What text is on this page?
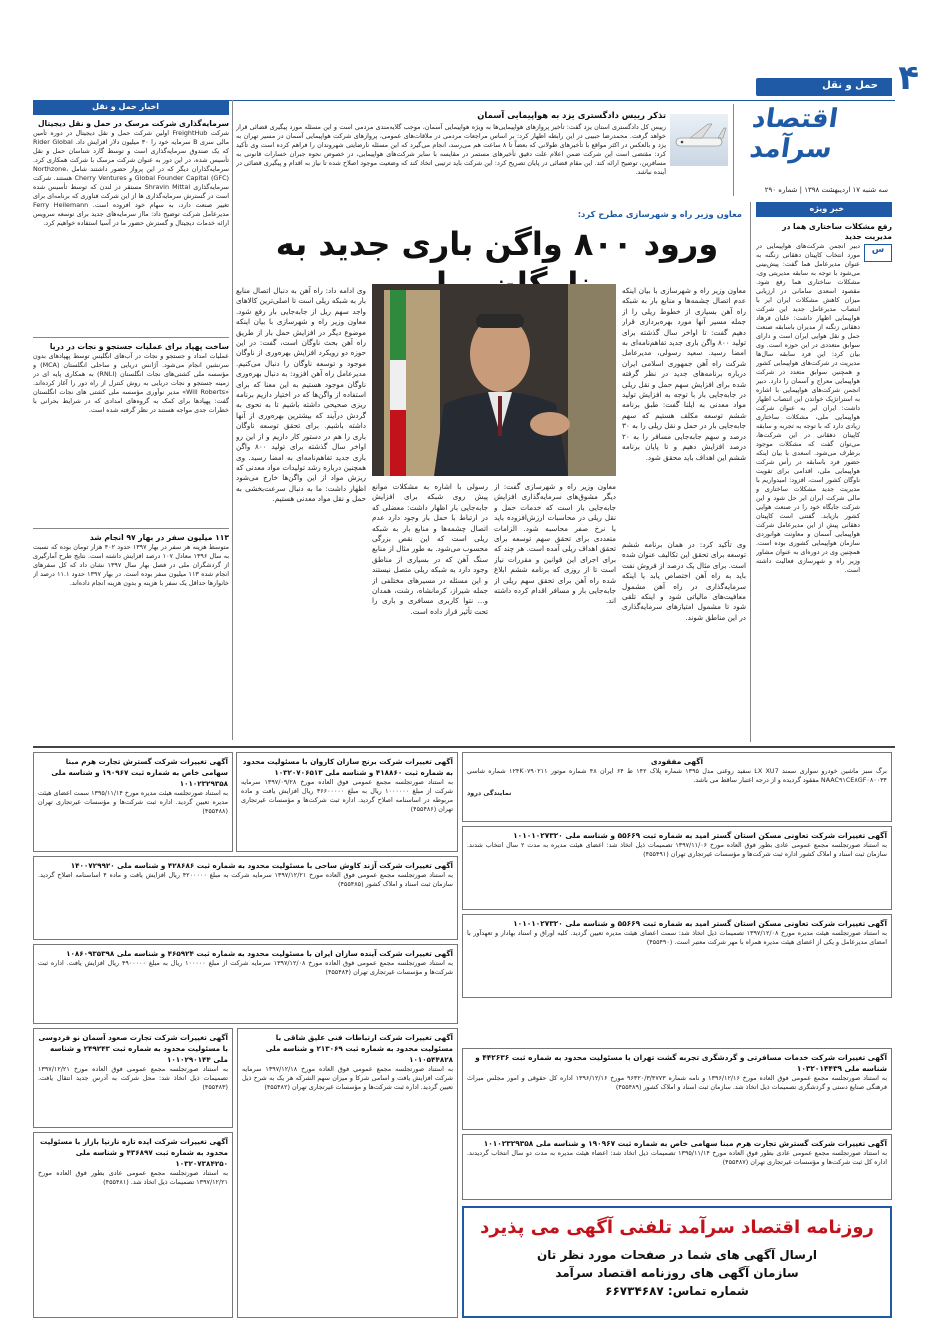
حمل و نقل ۴
اقتصاد سرآمد
سه شنبه ۱۷ اردیبهشت ۱۳۹۸ | شماره ۲۹۰
تذکر رییس دادگستری یزد به هواپیمایی آسمان
رییس کل دادگستری استان یزد گفت: تأخیر پروازهای هواپیمایی‌ها به ویژه هواپیمایی آسمان، موجب گلایه‌مندی مردمی است و این مسئله مورد پیگیری قضائی قرار خواهد گرفت. محمدرضا حبیبی در این رابطه اظهار کرد: بر اساس مراجعات مردمی در ملاقات‌های عمومی، پروازهای شرکت هواپیمایی آسمان در مسیر تهران به یزد و بالعکس در اکثر مواقع با تأخیرهای طولانی که بعضاً تا ۸ ساعت هم می‌رسد، انجام می‌گیرد که این مسئله نارضایتی شهروندان را فراهم کرده است وی تأکید کرد: مقتضی است این شرکت ضمن اعلام علت دقیق تأخیرهای مستمر در مقایسه با سایر شرکت‌های هواپیمایی، در خصوص نحوه جبران خسارات قانونی به مسافرین، توضیح ارائه کند. این مقام قضائی در پایان تصریح کرد: این شرکت باید ترتیبی اتخاذ کند که وضعیت موجود اصلاح شده تا نیاز به اقدام و پیگیری قضائی در آینده نباشد.
خبر ویژه
رفع مشکلات ساختاری هما در مدیریت جدید
س
دبیر انجمن شرکت‌های هواپیمایی در مورد انتخاب کاپیتان دهقانی زنگنه به عنوان مدیرعامل هما گفت: پیش‌بینی می‌شود با توجه به سابقه مدیریتی وی، مشکلات ساختاری هما رفع شود. مقصود اسعدی سامانی در ارزیابی میزان کاهش مشکلات ایران ایر با انتصاب مدیرعامل جدید این شرکت هواپیمایی اظهار داشت: خلبان فرهاد دهقانی زنگنه از مدیران باسابقه صنعت حمل و نقل هوایی ایران است و دارای سوابق متعددی در این حوزه است. وی بیان کرد: این فرد سابقه سال‌ها مدیریت در شرکت‌های هواپیمایی کشور و همچنین سوابق متعدد در شرکت هواپیمایی معراج و آسمان را دارد. دبیر انجمن شرکت‌های هواپیمایی با اشاره به استراتژیک خواندن این انتصاب اظهار داشت: ایران ایر به عنوان شرکت هواپیمایی ملی، مشکلات ساختاری زیادی دارد که با توجه به تجربه و سابقه کاپیتان دهقانی در این شرکت‌ها، می‌توان گفت که مشکلات موجود برطرف می‌شود. اسعدی با بیان اینکه حضور فرد باسابقه در رأس شرکت هواپیمایی ملی، اقدامی برای تقویت ناوگان کشور است، افزود: امیدواریم با مدیریت جدید مشکلات ساختاری و مالی شرکت ایران ایر حل شود و این شرکت جایگاه خود را در صنعت هوایی کشور بازیابد. گفتنی است کاپیتان دهقانی پیش از این مدیرعامل شرکت هواپیمایی آسمان و معاونت هوانوردی سازمان هواپیمایی کشوری بوده است. همچنین وی در دوره‌ای به عنوان مشاور وزیر راه و شهرسازی فعالیت داشته است.
معاون وزیر راه و شهرسازی مطرح کرد:
ورود ۸۰۰ واگن باری جدید به
معاون وزیر راه و شهرسازی با بیان اینکه عدم اتصال چشمه‌ها و منابع بار به شبکه راه آهن بسیاری از خطوط ریلی را از جمله مسیر آنها مورد بهره‌برداری قرار دهیم گفت: تا اواخر سال گذشته برای تولید ۸۰۰ واگن باری جدید تفاهم‌نامه‌ای به امضا رسید. سعید رسولی، مدیرعامل شرکت راه آهن جمهوری اسلامی ایران درباره برنامه‌های جدید در نظر گرفته شده برای افزایش سهم حمل و نقل ریلی در جابه‌جایی بار با توجه به افزایش تولید مواد معدنی به ایلنا گفت: طبق برنامه ششم توسعه مکلف هستیم که سهم جابه‌جایی بار در حمل و نقل ریلی را به ۳۰ درصد و سهم جابه‌جایی مسافر را به ۲۰ درصد افزایش دهیم و تا پایان برنامه ششم این اهداف باید محقق شود.
وی ادامه داد: راه آهن به دنبال اتصال منابع بار به شبکه ریلی است تا اصلی‌ترین کالاهای واجد سهم ریل از جابه‌جایی بار رفع شود. معاون وزیر راه و شهرسازی با بیان اینکه موضوع دیگر در افزایش حمل بار از طریق راه آهن بحث ناوگان است، گفت: در این حوزه دو رویکرد افزایش بهره‌وری از ناوگان موجود و توسعه ناوگان را دنبال می‌کنیم. مدیرعامل راه آهن افزود: به دنبال بهره‌وری ناوگان موجود هستیم به این معنا که برای استفاده از واگن‌ها که در اختیار داریم برنامه ریزی صحیحی داشته باشیم تا به نحوی به گردش درآیند که بیشترین بهره‌وری از آنها داشته باشیم. برای تحقق توسعه ناوگان باری را هم در دستور کار داریم و از این رو اواخر سال گذشته برای تولید ۸۰۰ واگن باری جدید تفاهم‌نامه‌ای به امضا رسید. وی همچنین درباره رشد تولیدات مواد معدنی که ریزش مواد از این واگن‌ها خارج می‌شود اظهار داشت: ما به دنبال سرعت‌بخشی به حمل و نقل مواد معدنی هستیم.
وی تأکید کرد: در همان برنامه ششم توسعه برای تحقق این تکالیف عنوان شده است. برای مثال یک درصد از فروش نفت باید به راه آهن اختصاص یابد یا اینکه سرمایه‌گذاری در راه آهن مشمول معافیت‌های مالیاتی شود و اینکه تلقی شود تا مشمول امتیازهای سرمایه‌گذاری در این مناطق شوند.
معاون وزیر راه و شهرسازی گفت: از دیگر مشوق‌های سرمایه‌گذاری افزایش جابه‌جایی بار است که خدمات حمل و نقل ریلی در محاسبات ارزش‌افزوده باید با نرخ صفر محاسبه شود. الزامات متعددی برای تحقق سهم توسعه برای تحقق اهداف ریلی آمده است. هر چند که برای اجرای این قوانین و مقررات نیاز است تا از روزی که برنامه ششم ابلاغ شده راه آهن برای تحقق سهم ریلی از جابه‌جایی بار و مسافر اقدام کرده داشته اند.
رسولی با اشاره به مشکلات موانع پیش روی شبکه برای افزایش جابه‌جایی بار اظهار داشت: معضلی که در ارتباط با حمل بار وجود دارد عدم اتصال چشمه‌ها و منابع بار به شبکه ریلی است که این نقص بزرگی محسوب می‌شود. به طور مثال از منابع سنگ آهن که در بسیاری از مناطق وجود دارد به شبکه ریلی متصل نیستند و این مسئله در مسیرهای مختلفی از جمله شیراز، کرمانشاه، رشت، همدان و... نتوا کاربری مسافری و باری را تحت تأثیر قرار داده است.
اخبار حمل و نقل
سرمایه‌گذاری شرکت مرسک در حمل و نقل دیجیتال
شرکت FreightHub اولین شرکت حمل و نقل دیجیتال در دوره تأمین مالی سری B سرمایه خود را ۳۰ میلیون دلار افزایش داد. Rider Global که یک صندوق سرمایه‌گذاری است و توسط گارد شناسان حمل و نقل تأسیس شده، در این دور به عنوان شرکت مرسک با شرکت همکاری کرد. سرمایه‌گذاران دیگر که در این پرواز حضور داشتند شامل Northzone، Global Founder Capital (GFC) و Cherry Ventures هستند. شرکت سرمایه‌گذاری Shravin Mittal مستقر در لندن که توسط تأسیس شده است در گسترش سرمایه‌گذاری ها از این شرکت فناوری که برنامه‌ای برای تغییر صنعت دارد، به سهام خود افزوده است. Ferry Heilemann مدیرعامل شرکت توضیح داد: مااز سرمایه‌های جدید برای توسعه سرویس ارائه خدمات دیجیتال و گسترش حضور ما در آسیا استفاده خواهیم کرد.
ساخت پهپاد برای عملیات جستجو و نجات در دریا
عملیات امداد و جستجو و نجات در آب‌های انگلیس توسط پهپادهای بدون سرنشین انجام می‌شود. آژانس دریایی و ساحلی انگلستان (MCA) و مؤسسه ملی کشتی‌های نجات انگلستان (RNLI) به همکاری پایه ای در زمینه جستجو و نجات دریایی به روش کنترل از راه دور را آغاز کرده‌اند. «Will Roberts» مدیر نوآوری مؤسسه ملی کشتی های نجات انگلستان گفت: پهپادها برای کمک به گروه‌های امدادی که در شرایط بحرانی با خطرات جدی مواجه هستند در نظر گرفته شده است.
۱۱۳ میلیون سفر در بهار ۹۷ انجام شد
متوسط هزینه هر سفر در بهار ۱۳۹۷ حدود ۴۰۲ هزار تومان بوده که نسبت به سال ۱۳۹۶ معادل ۱۰۷ درصد افزایش داشته است. نتایج طرح آمارگیری از گردشگران ملی در فصل بهار سال ۱۳۹۷ نشان داد که کل سفرهای انجام شده ۱۱۳ میلیون سفر بوده است. در بهار ۱۳۹۷ حدود ۱۱.۱ درصد از خانوارها حداقل یک سفر با هزینه و بدون هزینه انجام داده‌اند.
آگهی مفقودی
برگ سبز ماشین خودرو سواری سمند LX XU7 سفید روغنی مدل ۱۳۹۵ شماره پلاک ۱۴۲ ط ۶۴ ایران ۴۸ شماره موتور ۱۲۴K۰۷۹۰۲۱۱ شماره شاسی NAAC۹۱CE۸GF۰۸۰۰۳۴ مفقود گردیده و از درجه اعتبار ساقط می باشد.
نمایندگی درود
آگهی تغییرات شرکت تعاونی مسکن استان گستر امید به شماره ثبت ۵۵۶۶۹ و شناسه ملی ۱۰۱۰۱۰۲۷۳۲۰
به استناد صورتجلسه مجمع عمومی عادی بطور فوق العاده مورخ ۱۳۹۷/۱۱/۰۶ تصمیمات ذیل اتخاذ شد: اعضای هیئت مدیره به مدت ۲ سال انتخاب شدند. سازمان ثبت اسناد و املاک کشور اداره ثبت شرکت‌ها و مؤسسات غیرتجاری تهران (۴۵۵۴۹۱)
آگهی تغییرات شرکت تعاونی مسکن استان گستر امید به شماره ثبت ۵۵۶۶۹ و شناسه ملی ۱۰۱۰۱۰۲۷۳۲۰
به استناد صورتجلسه هیئت مدیره مورخ ۱۳۹۷/۱۲/۰۸ تصمیمات ذیل اتخاذ شد: سمت اعضای هیئت مدیره تعیین گردید. کلیه اوراق و اسناد بهادار و تعهدآور با امضای مدیرعامل و یکی از اعضای هیئت مدیره همراه با مهر شرکت معتبر است. (۴۵۵۴۹۰)
آگهی تغییرات شرکت خدمات مسافرتی و گردشگری تجربه گشت تهران با مسئولیت محدود به شماره ثبت ۴۴۲۶۳۶ و شناسه ملی ۱۰۳۲۰۱۴۴۳۹
به استناد صورتجلسه مجمع عمومی فوق العاده مورخ ۱۳۹۶/۱۲/۱۶ و نامه شماره ۹۶۳۲۰/۳/۴۷۷۳ مورخ ۱۳۹۶/۱۲/۱۶ اداره کل حقوقی و امور مجلس میراث فرهنگی صنایع دستی و گردشگری تصمیمات ذیل اتخاذ شد. سازمان ثبت اسناد و املاک کشور (۴۵۵۴۸۹)
آگهی تغییرات شرکت گسترش تجارت هرم مبنا سهامی خاص به شماره ثبت ۱۹۰۹۶۷ و شناسه ملی ۱۰۱۰۲۳۲۹۳۵۸
به استناد صورتجلسه مجمع عمومی عادی بطور فوق العاده مورخ ۱۳۹۵/۱۱/۱۴ تصمیمات ذیل اتخاذ شد: اعضاء هیئت مدیره به مدت دو سال انتخاب گردیدند. اداره کل ثبت شرکت‌ها و مؤسسات غیرتجاری تهران (۴۵۵۴۸۷)
روزنامه اقتصاد سرآمد تلفنی آگهی می پذیرد
ارسال آگهی های شما در صفحات مورد نظر تان
سازمان آگهی های روزنامه اقتصاد سرآمد
شماره تماس: ۶۶۷۳۴۶۸۷
آگهی تغییرات شرکت برنج سازان کاروان با مسئولیت محدود به شماره ثبت ۴۱۸۸۶۰ و شناسه ملی ۱۰۳۲۰۷۰۶۵۱۳
به استناد صورتجلسه مجمع عمومی فوق العاده مورخ ۱۳۹۷/۰۹/۲۸ سرمایه شرکت از مبلغ ۱۰۰۰۰۰۰ ریال به مبلغ ۳۶۶۰۰۰۰۰ ریال افزایش یافت و ماده مربوطه در اساسنامه اصلاح گردید. اداره ثبت شرکت‌ها و مؤسسات غیرتجاری تهران (۴۵۵۴۸۶)
آگهی تغییرات شرکت گسترش تجارت هرم مبنا سهامی خاص به شماره ثبت ۱۹۰۹۶۷ و شناسه ملی ۱۰۱۰۲۳۲۹۳۵۸
به استناد صورتجلسه هیئت مدیره مورخ ۱۳۹۵/۱۱/۱۴ سمت اعضای هیئت مدیره تعیین گردید. اداره ثبت شرکت‌ها و مؤسسات غیرتجاری تهران (۴۵۵۴۸۸)
آگهی تغییرات شرکت آژند کاوش ساحی با مسئولیت محدود به شماره ثبت ۴۲۸۶۸۶ و شناسه ملی ۱۴۰۰۷۲۹۹۲۰
به استناد صورتجلسه مجمع عمومی فوق العاده مورخ ۱۳۹۷/۱۲/۲۱ سرمایه شرکت به مبلغ ۴۲۰۰۰۰۰ ریال افزایش یافت و ماده ۴ اساسنامه اصلاح گردید. سازمان ثبت اسناد و املاک کشور (۴۵۵۴۸۵)
آگهی تغییرات شرکت آینده سازان ایران با مسئولیت محدود به شماره ثبت ۴۶۵۹۲۴ و شناسه ملی ۱۰۸۶۰۹۳۵۳۹۸
به استناد صورتجلسه مجمع عمومی فوق العاده مورخ ۱۳۹۷/۱۲/۰۸ سرمایه شرکت از مبلغ ۱۰۰۰۰۰ ریال به مبلغ ۴۹۰۰۰۰۰ ریال افزایش یافت. اداره ثبت شرکت‌ها و مؤسسات غیرتجاری تهران (۴۵۵۴۸۴)
آگهی تغییرات شرکت تجارت صعود آسمان نو فردوسی با مسئولیت محدود به شماره ثبت ۲۴۹۲۴۳ و شناسه ملی ۱۰۱۰۲۹۰۱۴۴
به استناد صورتجلسه مجمع عمومی فوق العاده مورخ ۱۳۹۷/۱۲/۲۱ تصمیمات ذیل اتخاذ شد: محل شرکت به آدرس جدید انتقال یافت. (۴۵۵۴۸۳)
آگهی تغییرات شرکت ارتباطات فنی علیق شاقی با مسئولیت محدود به شماره ثبت ۲۱۳۰۶۹ و شناسه ملی ۱۰۱۰۵۴۴۸۲۸
به استناد صورتجلسه مجمع عمومی فوق العاده مورخ ۱۳۹۷/۱۲/۱۸ سرمایه شرکت افزایش یافت و اسامی شرکا و میزان سهم الشرکه هر یک به شرح ذیل تعیین گردید. اداره ثبت شرکت‌ها و مؤسسات غیرتجاری تهران (۴۵۵۴۸۲)
آگهی تغییرات شرکت ایده تازه نارنیا بازار با مسئولیت محدود به شماره ثبت ۴۳۶۸۹۷ و شناسه ملی ۱۰۳۲۰۷۳۸۴۲۵۰
به استناد صورتجلسه مجمع عمومی عادی بطور فوق العاده مورخ ۱۳۹۷/۱۲/۲۱ تصمیمات ذیل اتخاذ شد. (۴۵۵۴۸۱)
